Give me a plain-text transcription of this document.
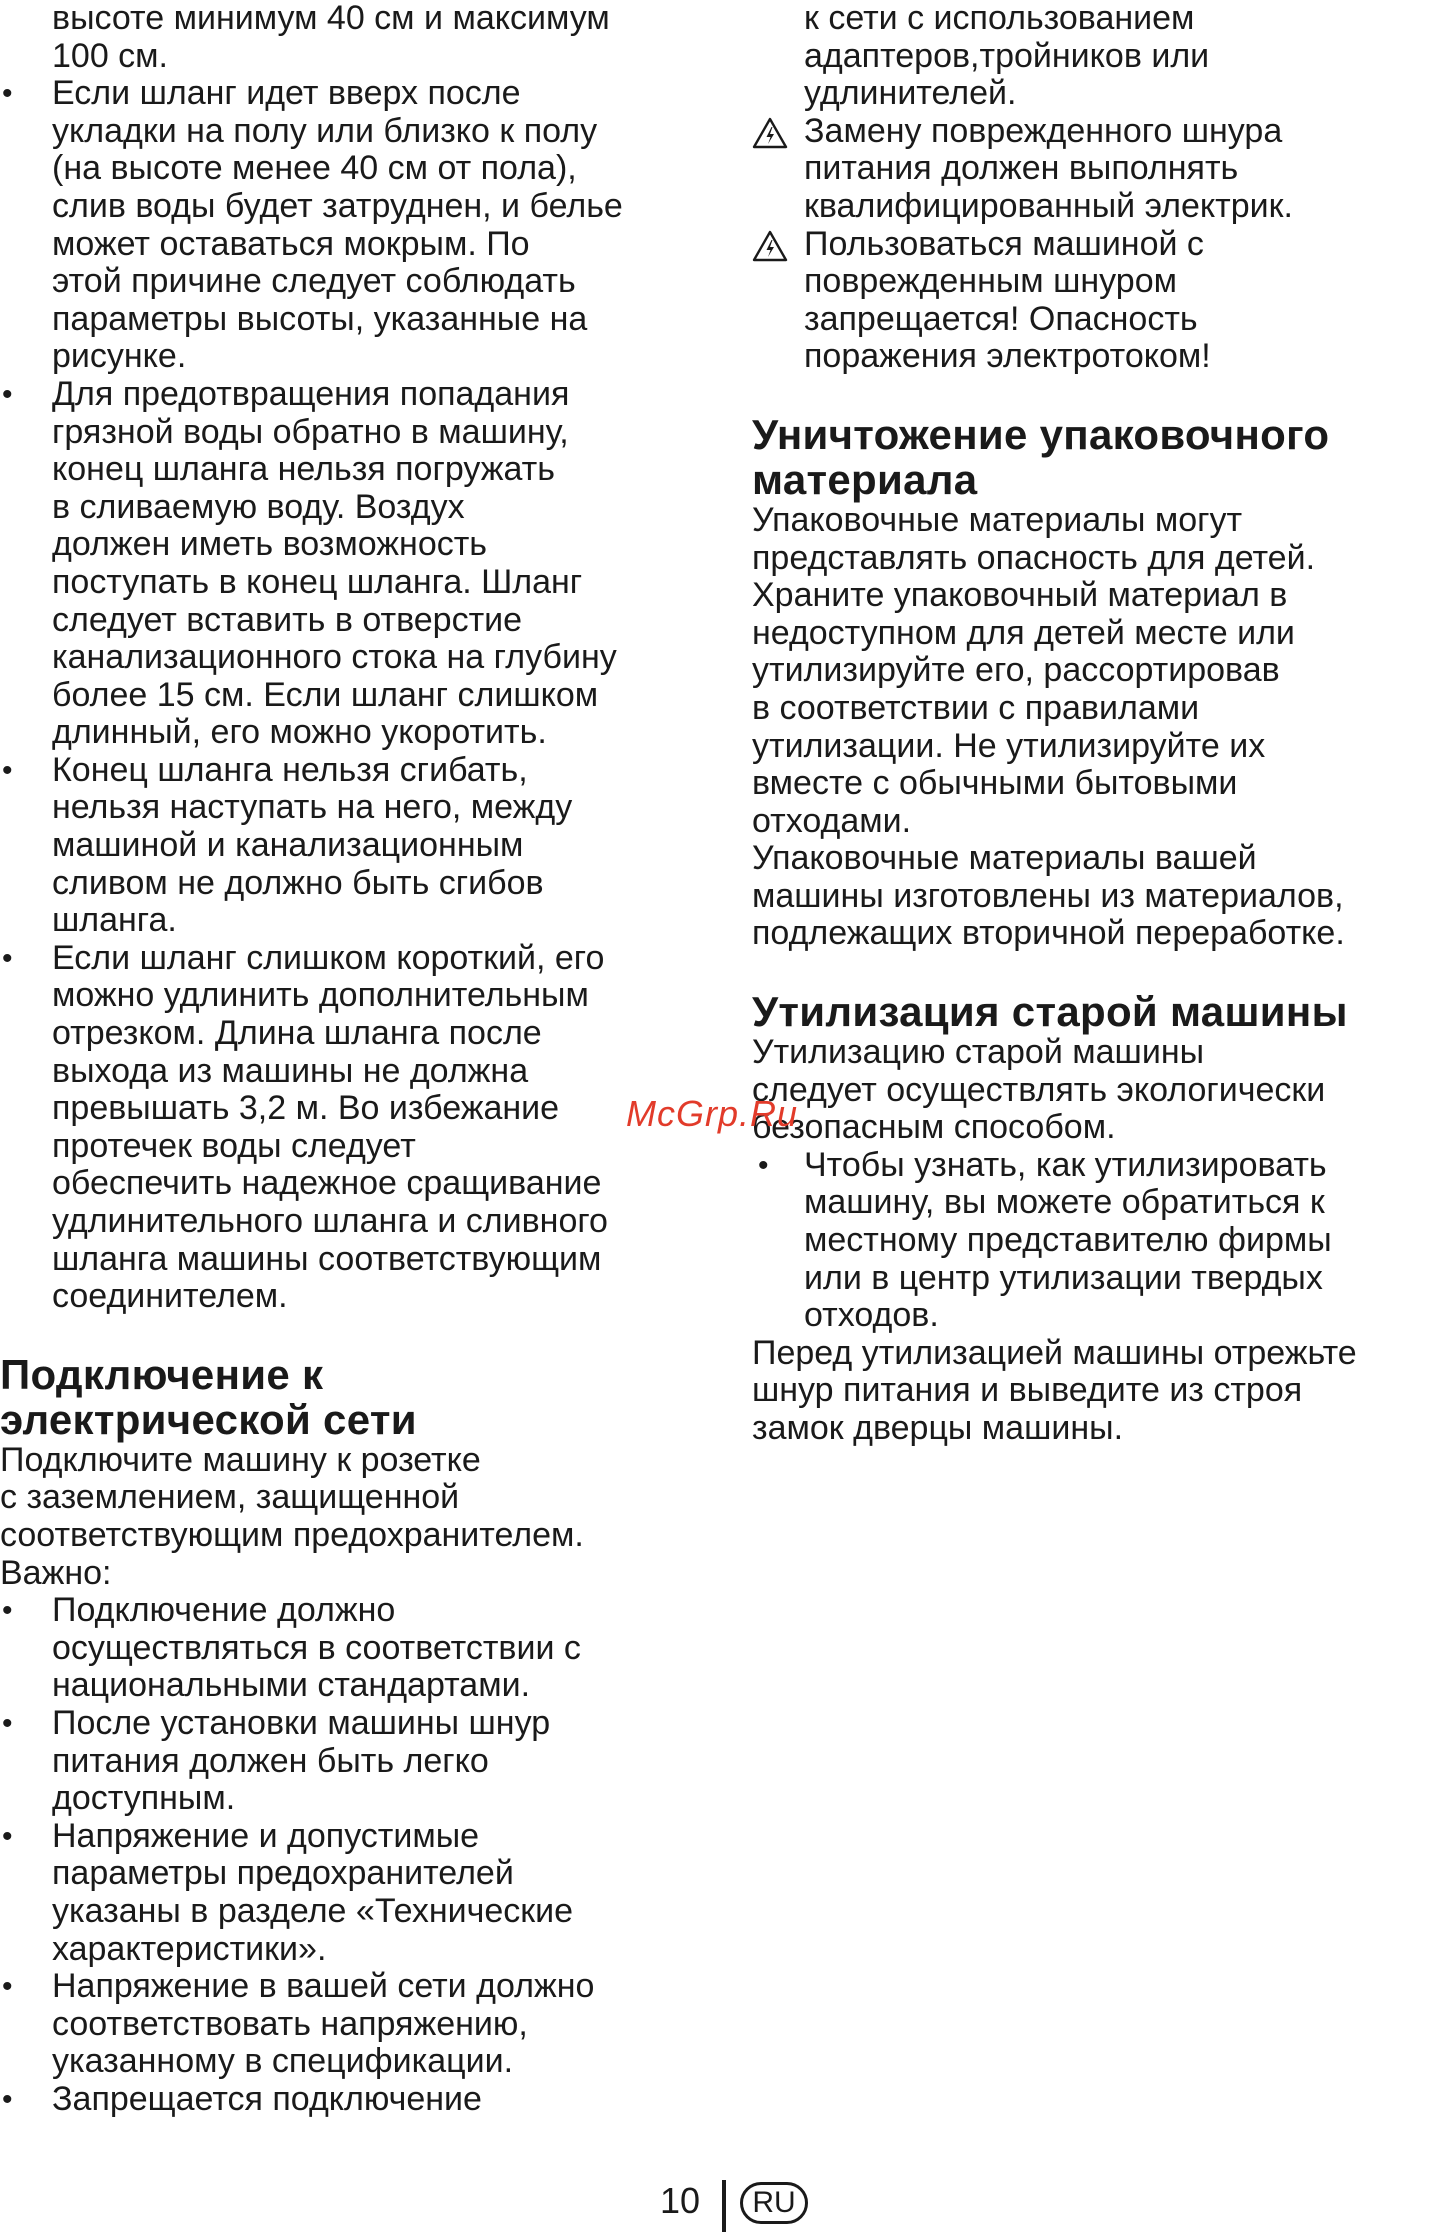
высоте минимум 40 см и максимум
100 см.
• Если шланг идет вверх после
укладки на полу или близко к полу
(на высоте менее 40 см от пола),
слив воды будет затруднен, и белье
может оставаться мокрым. По
этой причине следует соблюдать
параметры высоты, указанные на
рисунке.
• Для предотвращения попадания
грязной воды обратно в машину,
конец шланга нельзя погружать
в сливаемую воду. Воздух
должен иметь возможность
поступать в конец шланга. Шланг
следует вставить в отверстие
канализационного стока на глубину
более 15 см. Если шланг слишком
длинный, его можно укоротить.
• Конец шланга нельзя сгибать,
нельзя наступать на него, между
машиной и канализационным
сливом не должно быть сгибов
шланга.
• Если шланг слишком короткий, его
можно удлинить дополнительным
отрезком. Длина шланга после
выхода из машины не должна
превышать 3,2 м. Во избежание
протечек воды следует
обеспечить надежное сращивание
удлинительного шланга и сливного
шланга машины соответствующим
соединителем.
Подключение к
электрической сети
Подключите машину к розетке
с заземлением, защищенной
соответствующим предохранителем.
Важно:
• Подключение должно
осуществляться в соответствии с
национальными стандартами.
• После установки машины шнур
питания должен быть легко
доступным.
• Напряжение и допустимые
параметры предохранителей
указаны в разделе «Технические
характеристики».
• Напряжение в вашей сети должно
соответствовать напряжению,
указанному в спецификации.
• Запрещается подключение
к сети с использованием
адаптеров,тройников или
удлинителей.
Замену поврежденного шнура
питания должен выполнять
квалифицированный электрик.
Пользоваться машиной с
поврежденным шнуром
запрещается! Опасность
поражения электротоком!
Уничтожение упаковочного
материала
Упаковочные материалы могут
представлять опасность для детей.
Храните упаковочный материал в
недоступном для детей месте или
утилизируйте его, рассортировав
в соответствии с правилами
утилизации. Не утилизируйте их
вместе с обычными бытовыми
отходами.
Упаковочные материалы вашей
машины изготовлены из материалов,
подлежащих вторичной переработке.
Утилизация старой машины
Утилизацию старой машины
следует осуществлять экологически
безопасным способом.
• Чтобы узнать, как утилизировать
машину, вы можете обратиться к
местному представителю фирмы
или в центр утилизации твердых
отходов.
Перед утилизацией машины отрежьте
шнур питания и выведите из строя
замок дверцы машины.
McGrp.Ru
10	RU
